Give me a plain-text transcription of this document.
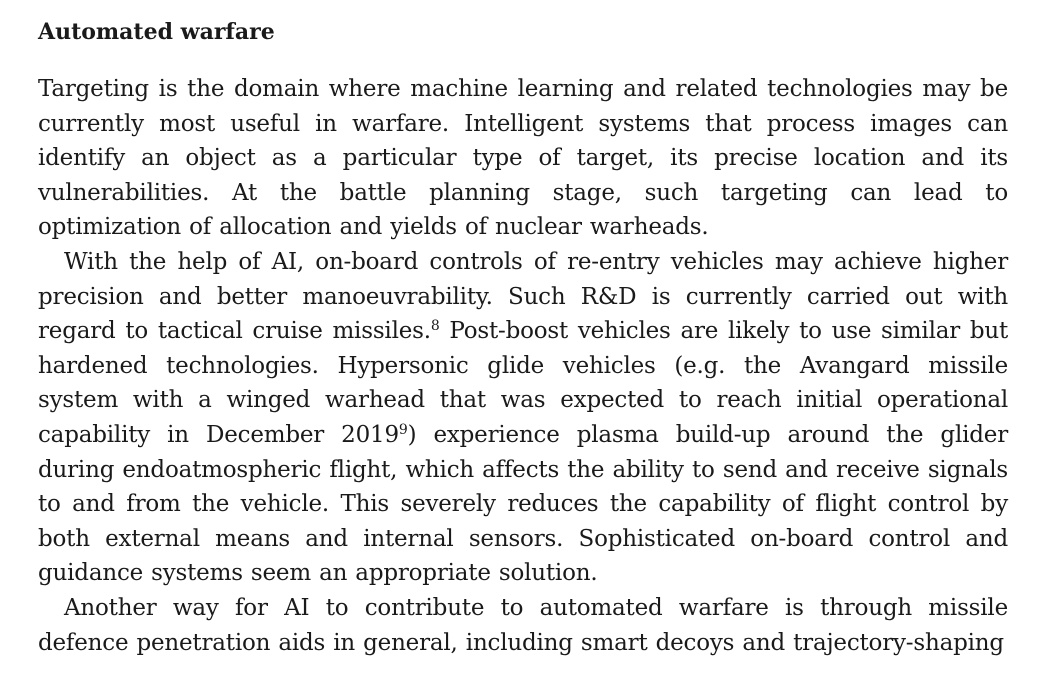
Automated warfare

Targeting is the domain where machine learning and related technologies may be currently most useful in warfare. Intelligent systems that process images can identify an object as a particular type of target, its precise location and its vulnerabilities. At the battle planning stage, such targeting can lead to optimization of allocation and yields of nuclear warheads.

With the help of AI, on-board controls of re-entry vehicles may achieve higher precision and better manoeuvrability. Such R&D is currently carried out with regard to tactical cruise missiles.$^8$ Post-boost vehicles are likely to use similar but hardened technologies. Hypersonic glide vehicles (e.g. the Avangard missile system with a winged warhead that was expected to reach initial operational capability in December 2019$^9$) experience plasma build-up around the glider during endoatmospheric flight, which affects the ability to send and receive signals to and from the vehicle. This severely reduces the capability of flight control by both external means and internal sensors. Sophisticated on-board control and guidance systems seem an appropriate solution.

Another way for AI to contribute to automated warfare is through missile defence penetration aids in general, including smart decoys and trajectory-shaping
